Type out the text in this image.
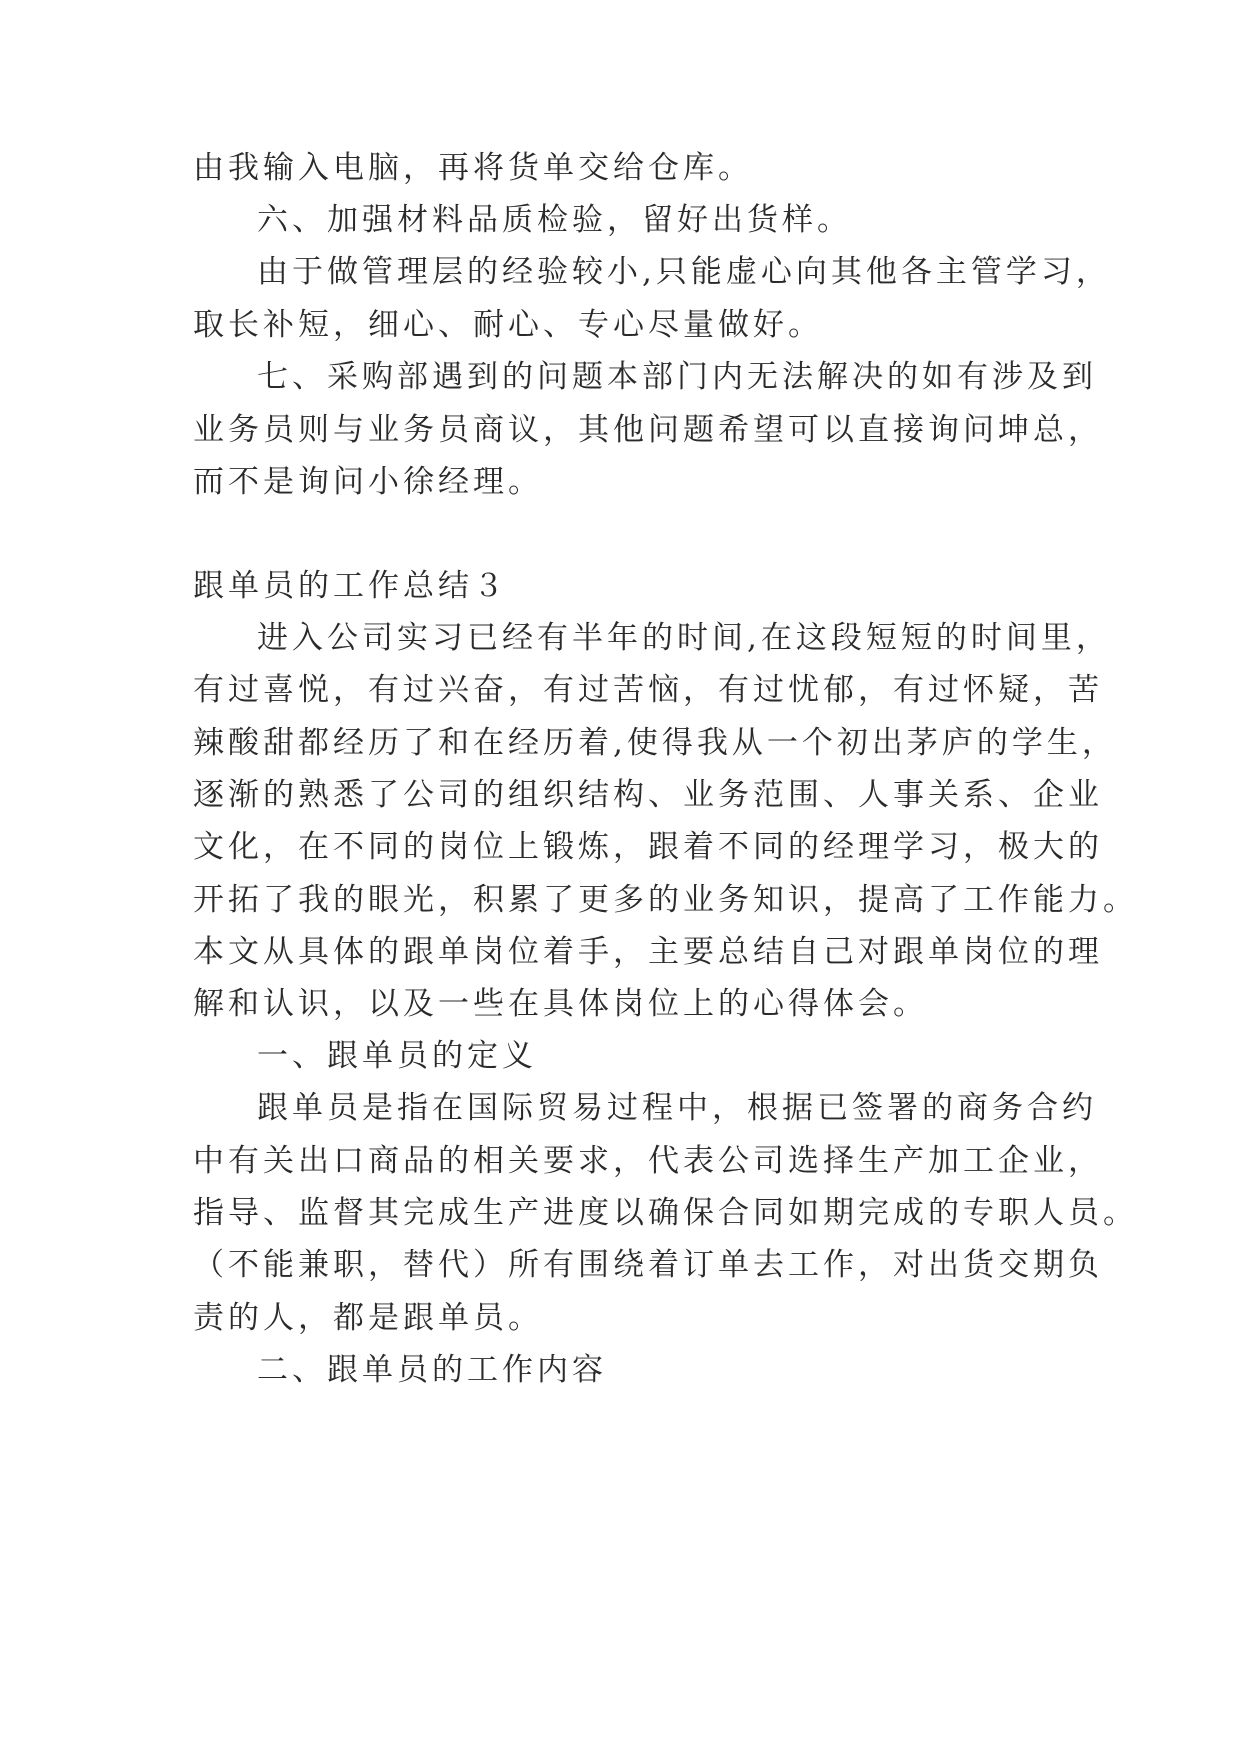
由我输入电脑，再将货单交给仓库。
六、加强材料品质检验，留好出货样。
由于做管理层的经验较小,只能虚心向其他各主管学习，
取长补短，细心、耐心、专心尽量做好。
七、采购部遇到的问题本部门内无法解决的如有涉及到
业务员则与业务员商议，其他问题希望可以直接询问坤总，
而不是询问小徐经理。
跟单员的工作总结３
进入公司实习已经有半年的时间,在这段短短的时间里，
有过喜悦，有过兴奋，有过苦恼，有过忧郁，有过怀疑，苦
辣酸甜都经历了和在经历着,使得我从一个初出茅庐的学生，
逐渐的熟悉了公司的组织结构、业务范围、人事关系、企业
文化，在不同的岗位上锻炼，跟着不同的经理学习，极大的
开拓了我的眼光，积累了更多的业务知识，提高了工作能力。
本文从具体的跟单岗位着手，主要总结自己对跟单岗位的理
解和认识，以及一些在具体岗位上的心得体会。
一、跟单员的定义
跟单员是指在国际贸易过程中，根据已签署的商务合约
中有关出口商品的相关要求，代表公司选择生产加工企业，
指导、监督其完成生产进度以确保合同如期完成的专职人员。
（不能兼职，替代）所有围绕着订单去工作，对出货交期负
责的人，都是跟单员。
二、跟单员的工作内容
